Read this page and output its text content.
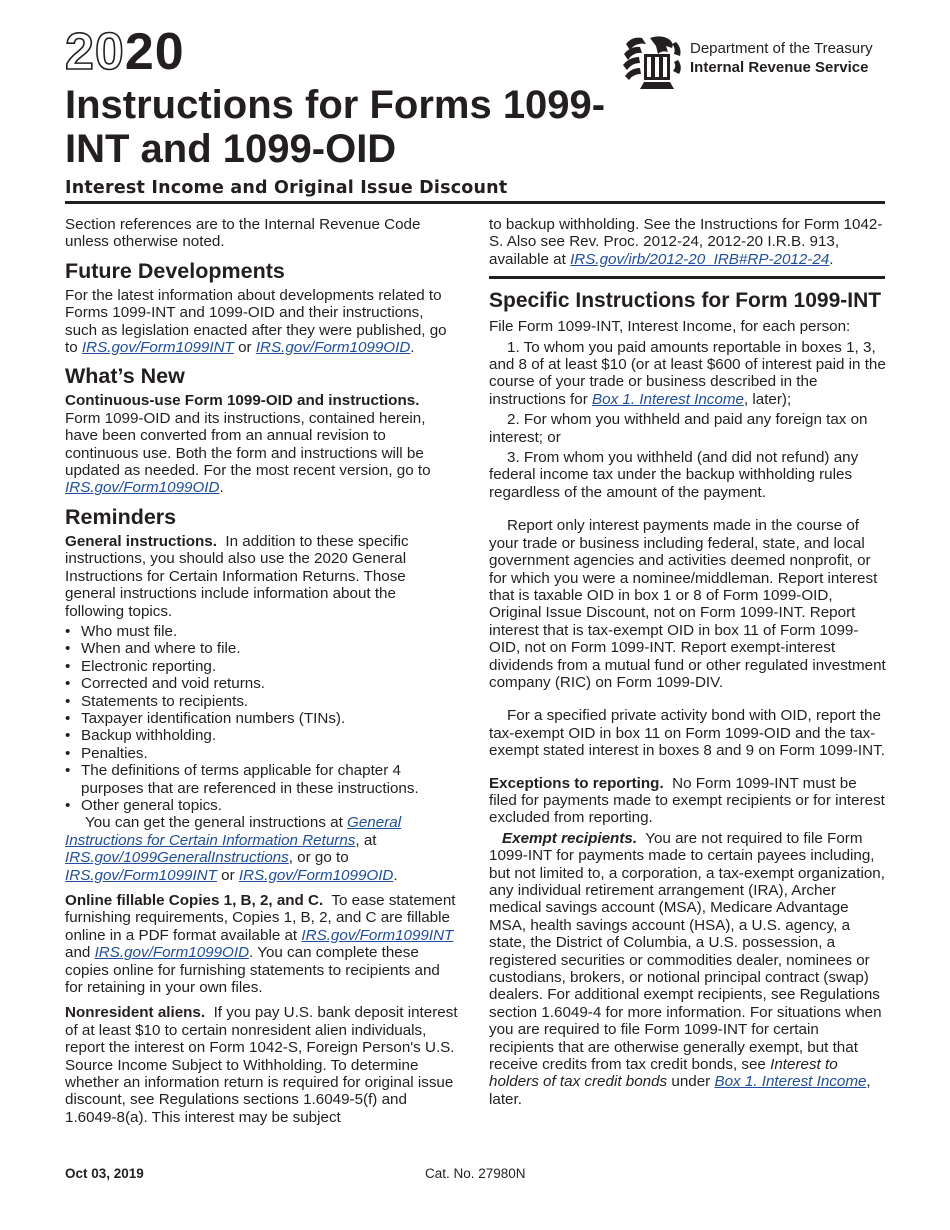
2020	Department of the Treasury
Internal Revenue Service
Instructions for Forms 1099-INT and 1099-OID
Interest Income and Original Issue Discount

Section references are to the Internal Revenue Code unless otherwise noted.

Future Developments

For the latest information about developments related to Forms 1099-INT and 1099-OID and their instructions, such as legislation enacted after they were published, go to IRS.gov/Form1099INT or IRS.gov/Form1099OID.

What’s New

Continuous-use Form 1099-OID and instructions. Form 1099-OID and its instructions, contained herein, have been converted from an annual revision to continuous use. Both the form and instructions will be updated as needed. For the most recent version, go to IRS.gov/Form1099OID.

Reminders

General instructions. In addition to these specific instructions, you should also use the 2020 General Instructions for Certain Information Returns. Those general instructions include information about the following topics.

• Who must file.
• When and where to file.
• Electronic reporting.
• Corrected and void returns.
• Statements to recipients.
• Taxpayer identification numbers (TINs).
• Backup withholding.
• Penalties.
• The definitions of terms applicable for chapter 4 purposes that are referenced in these instructions.
• Other general topics.

You can get the general instructions at General Instructions for Certain Information Returns, at IRS.gov/1099GeneralInstructions, or go to IRS.gov/Form1099INT or IRS.gov/Form1099OID.

Online fillable Copies 1, B, 2, and C. To ease statement furnishing requirements, Copies 1, B, 2, and C are fillable online in a PDF format available at IRS.gov/Form1099INT and IRS.gov/Form1099OID. You can complete these copies online for furnishing statements to recipients and for retaining in your own files.

Nonresident aliens. If you pay U.S. bank deposit interest of at least $10 to certain nonresident alien individuals, report the interest on Form 1042-S, Foreign Person's U.S. Source Income Subject to Withholding. To determine whether an information return is required for original issue discount, see Regulations sections 1.6049-5(f) and 1.6049-8(a). This interest may be subject

to backup withholding. See the Instructions for Form 1042-S. Also see Rev. Proc. 2012-24, 2012-20 I.R.B. 913, available at IRS.gov/irb/2012-20_IRB#RP-2012-24.

Specific Instructions for Form 1099-INT

File Form 1099-INT, Interest Income, for each person:

1. To whom you paid amounts reportable in boxes 1, 3, and 8 of at least $10 (or at least $600 of interest paid in the course of your trade or business described in the instructions for Box 1. Interest Income, later);

2. For whom you withheld and paid any foreign tax on interest; or

3. From whom you withheld (and did not refund) any federal income tax under the backup withholding rules regardless of the amount of the payment.

Report only interest payments made in the course of your trade or business including federal, state, and local government agencies and activities deemed nonprofit, or for which you were a nominee/middleman. Report interest that is taxable OID in box 1 or 8 of Form 1099-OID, Original Issue Discount, not on Form 1099-INT. Report interest that is tax-exempt OID in box 11 of Form 1099-OID, not on Form 1099-INT. Report exempt-interest dividends from a mutual fund or other regulated investment company (RIC) on Form 1099-DIV.

For a specified private activity bond with OID, report the tax-exempt OID in box 11 on Form 1099-OID and the tax-exempt stated interest in boxes 8 and 9 on Form 1099-INT.

Exceptions to reporting. No Form 1099-INT must be filed for payments made to exempt recipients or for interest excluded from reporting.

Exempt recipients. You are not required to file Form 1099-INT for payments made to certain payees including, but not limited to, a corporation, a tax-exempt organization, any individual retirement arrangement (IRA), Archer medical savings account (MSA), Medicare Advantage MSA, health savings account (HSA), a U.S. agency, a state, the District of Columbia, a U.S. possession, a registered securities or commodities dealer, nominees or custodians, brokers, or notional principal contract (swap) dealers. For additional exempt recipients, see Regulations section 1.6049-4 for more information. For situations when you are required to file Form 1099-INT for certain recipients that are otherwise generally exempt, but that receive credits from tax credit bonds, see Interest to holders of tax credit bonds under Box 1. Interest Income, later.

Oct 03, 2019	Cat. No. 27980N
